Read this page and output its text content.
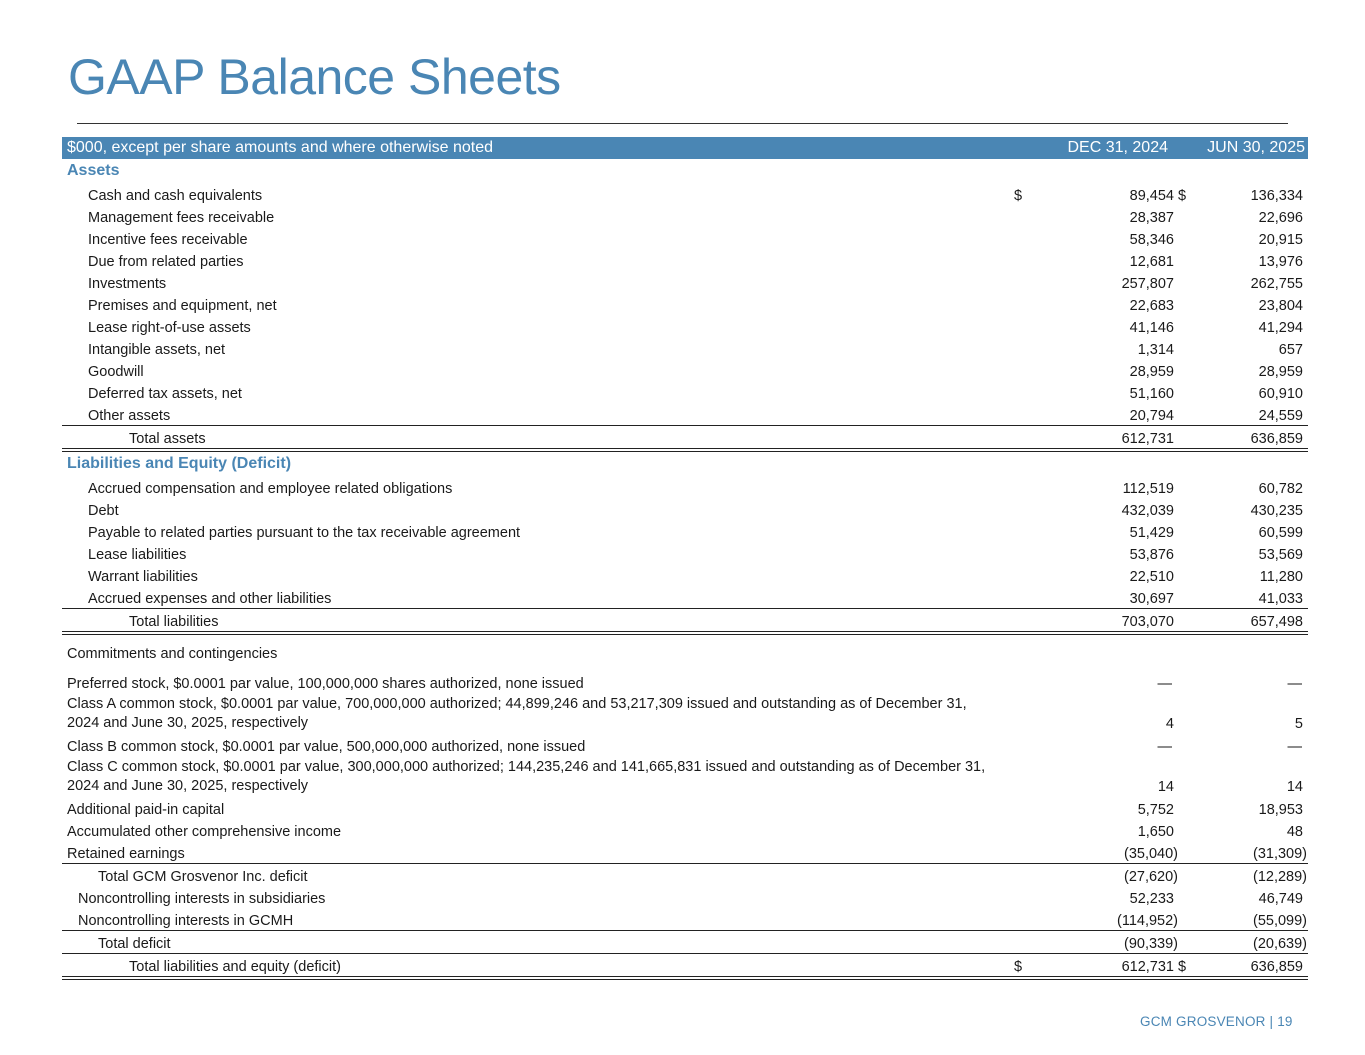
GAAP Balance Sheets
$000, except per share amounts and where otherwise noted		DEC 31, 2024		JUN 30, 2025
Assets				
Cash and cash equivalents	$	89,454	$	136,334
Management fees receivable		28,387		22,696
Incentive fees receivable		58,346		20,915
Due from related parties		12,681		13,976
Investments		257,807		262,755
Premises and equipment, net		22,683		23,804
Lease right-of-use assets		41,146		41,294
Intangible assets, net		1,314		657
Goodwill		28,959		28,959
Deferred tax assets, net		51,160		60,910
Other assets		20,794		24,559
Total assets		612,731		636,859
Liabilities and Equity (Deficit)				
Accrued compensation and employee related obligations		112,519		60,782
Debt		432,039		430,235
Payable to related parties pursuant to the tax receivable agreement		51,429		60,599
Lease liabilities		53,876		53,569
Warrant liabilities		22,510		11,280
Accrued expenses and other liabilities		30,697		41,033
Total liabilities		703,070		657,498
Commitments and contingencies				

Preferred stock, $0.0001 par value, 100,000,000 shares authorized, none issued		—		—
Class A common stock, $0.0001 par value, 700,000,000 authorized; 44,899,246 and 53,217,309 issued and outstanding as of December 31, 2024 and June 30, 2025, respectively		4		5
Class B common stock, $0.0001 par value, 500,000,000 authorized, none issued		—		—
Class C common stock, $0.0001 par value, 300,000,000 authorized; 144,235,246 and 141,665,831 issued and outstanding as of December 31, 2024 and June 30, 2025, respectively		14		14
Additional paid-in capital		5,752		18,953
Accumulated other comprehensive income		1,650		48
Retained earnings		(35,040)		(31,309)
Total GCM Grosvenor Inc. deficit		(27,620)		(12,289)
Noncontrolling interests in subsidiaries		52,233		46,749
Noncontrolling interests in GCMH		(114,952)		(55,099)
Total deficit		(90,339)		(20,639)
Total liabilities and equity (deficit)	$	612,731	$	636,859
GCM GROSVENOR | 19
